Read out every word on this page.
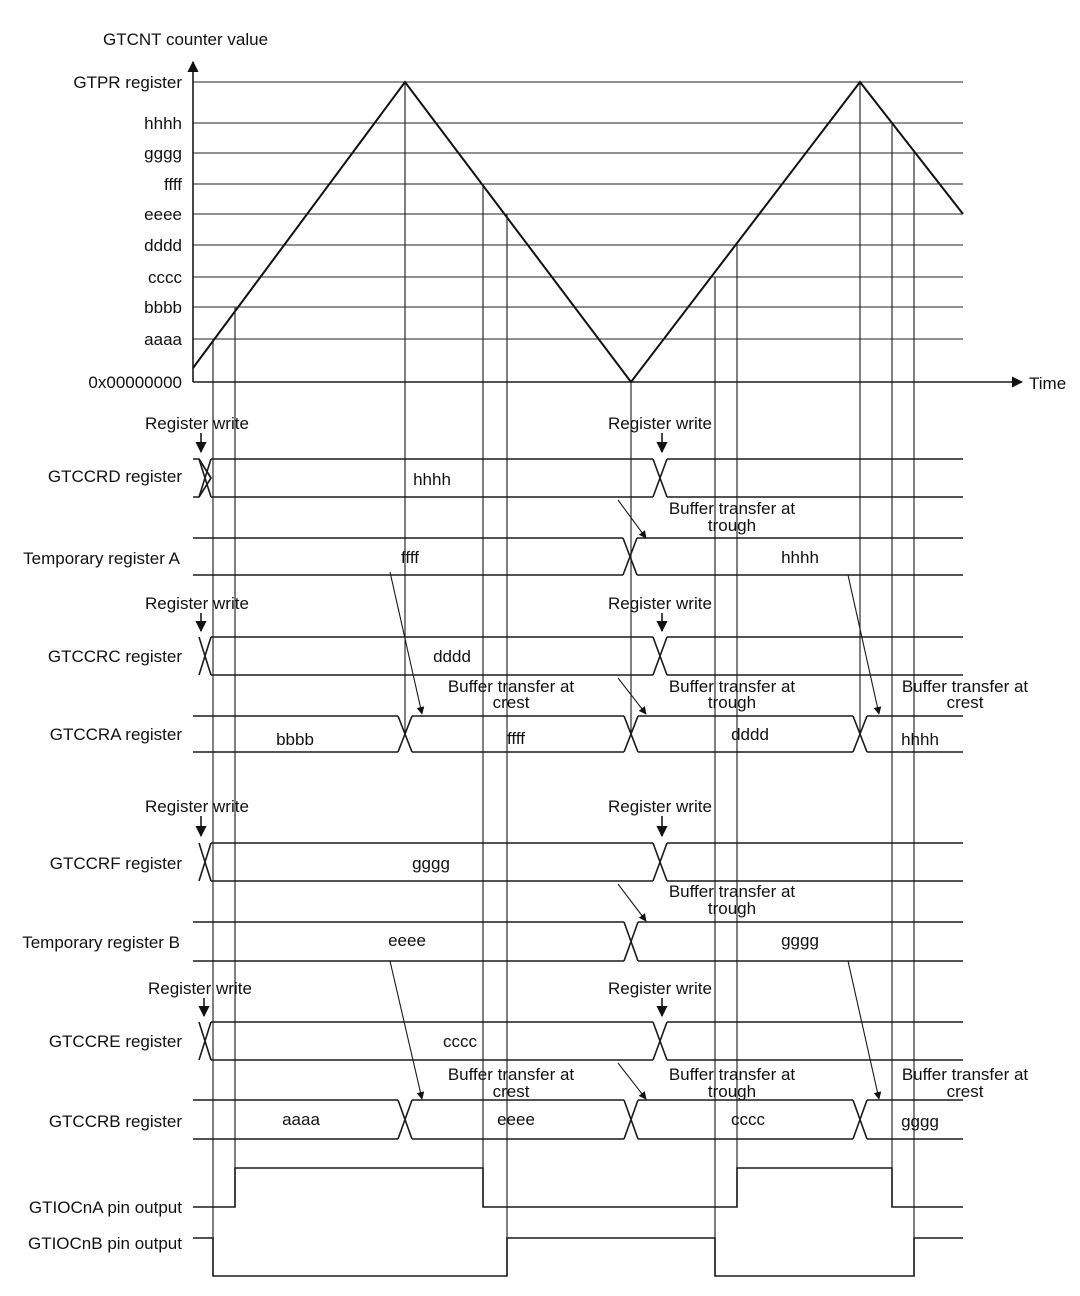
GTCNT counter value
Time
GTPR register
hhhh
gggg
ffff
eeee
dddd
cccc
bbbb
aaaa
0x00000000
GTCCRD register	hhhh
Temporary register A	ffff	hhhh
GTCCRC register	dddd
GTCCRA register	bbbb	ffff	dddd	hhhh
GTCCRF register	gggg
Temporary register B	eeee	gggg
GTCCRE register	cccc
GTCCRB register	aaaa	eeee	cccc	gggg
GTIOCnA pin output
GTIOCnB pin output
Register write	Register write
Register write	Register write
Register write	Register write
Register write	Register write
Buffer transfer at
trough
Buffer transfer at
trough
Buffer transfer at
trough
Buffer transfer at
trough
Buffer transfer at
crest
Buffer transfer at
crest
Buffer transfer at
crest
Buffer transfer at
crest
